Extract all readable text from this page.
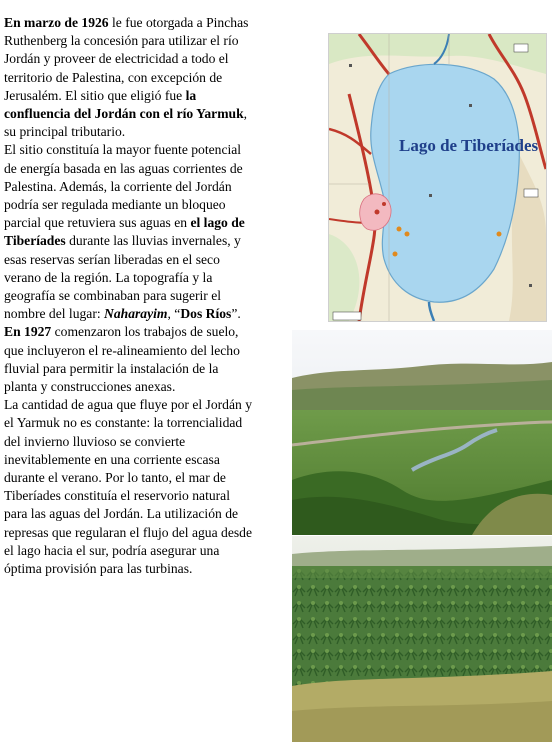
En marzo de 1926 le fue otorgada a Pinchas Ruthenberg la concesión para utilizar el río Jordán y proveer de electricidad a todo el territorio de Palestina, con excepción de Jerusalém. El sitio que eligió fue la confluencia del Jordán con el río Yarmuk, su principal tributario.

El sitio constituía la mayor fuente potencial de energía basada en las aguas corrientes de Palestina. Además, la corriente del Jordán podría ser regulada mediante un bloqueo parcial que retuviera sus aguas en el lago de Tiberíades durante las lluvias invernales, y esas reservas serían liberadas en el seco verano de la región. La topografía y la geografía se combinaban para sugerir el nombre del lugar: Naharayim, “Dos Ríos”. En 1927 comenzaron los trabajos de suelo, que incluyeron el re-alineamiento del lecho fluvial para permitir la instalación de la planta y construcciones anexas.

La cantidad de agua que fluye por el Jordán y el Yarmuk no es constante: la torrencialidad del invierno lluvioso se convierte inevitablemente en una corriente escasa durante el verano. Por lo tanto, el mar de Tiberíades constituía el reservorio natural para las aguas del Jordán. La utilización de represas que regularan el flujo del agua desde el lago hacia el sur, podría asegurar una óptima provisión para las turbinas.

Lago de Tiberíades
